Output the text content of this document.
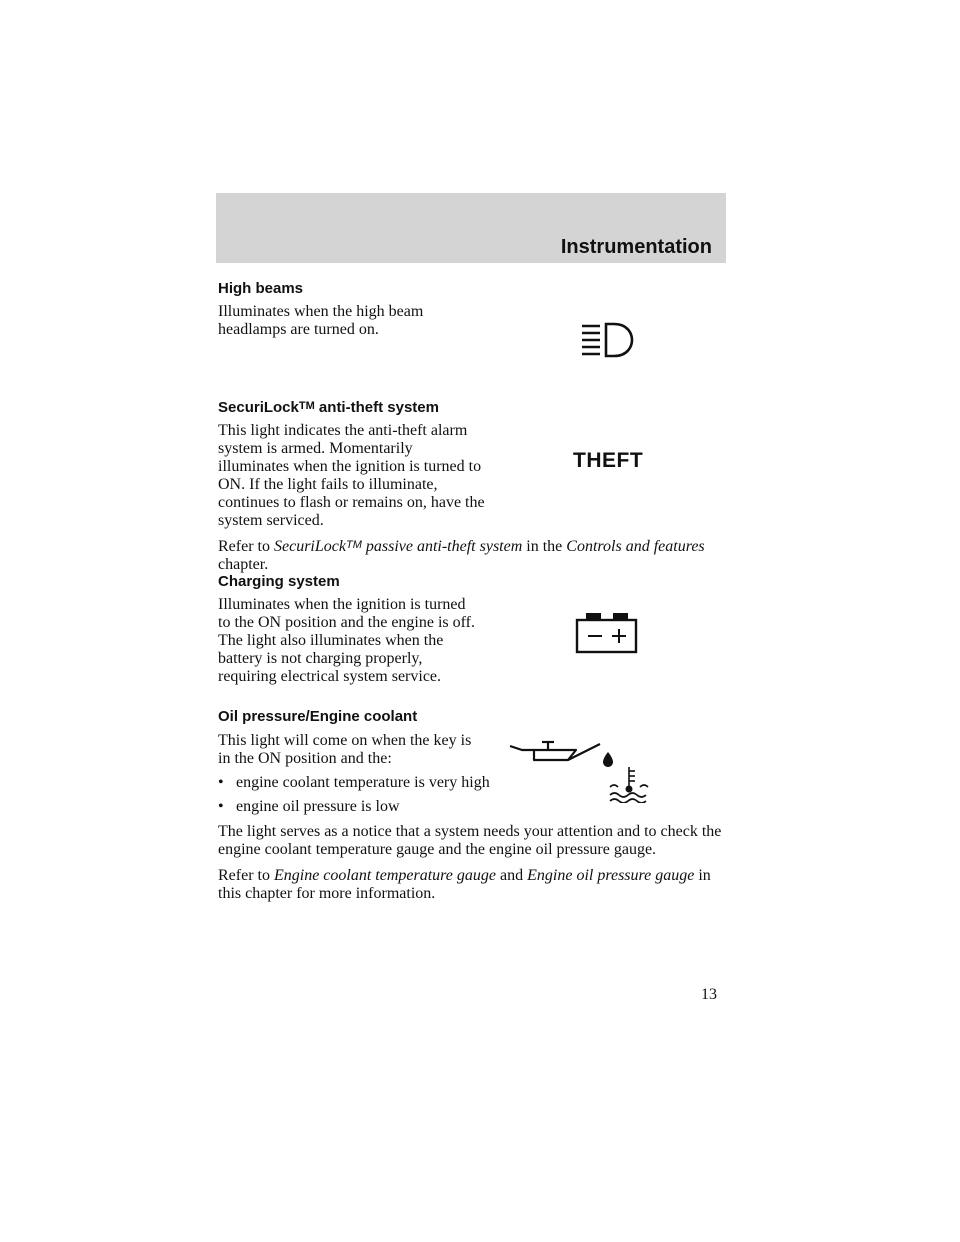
Instrumentation
High beams

Illuminates when the high beam headlamps are turned on.

SecuriLock™ anti-theft system

This light indicates the anti-theft alarm system is armed. Momentarily illuminates when the ignition is turned to ON. If the light fails to illuminate, continues to flash or remains on, have the system serviced.

Refer to SecuriLock™ passive anti-theft system in the Controls and features chapter.

THEFT
Charging system

Illuminates when the ignition is turned to the ON position and the engine is off. The light also illuminates when the battery is not charging properly, requiring electrical system service.

Oil pressure/Engine coolant

This light will come on when the key is in the ON position and the:

• engine coolant temperature is very high

• engine oil pressure is low

The light serves as a notice that a system needs your attention and to check the engine coolant temperature gauge and the engine oil pressure gauge.

Refer to Engine coolant temperature gauge and Engine oil pressure gauge in this chapter for more information.

13
